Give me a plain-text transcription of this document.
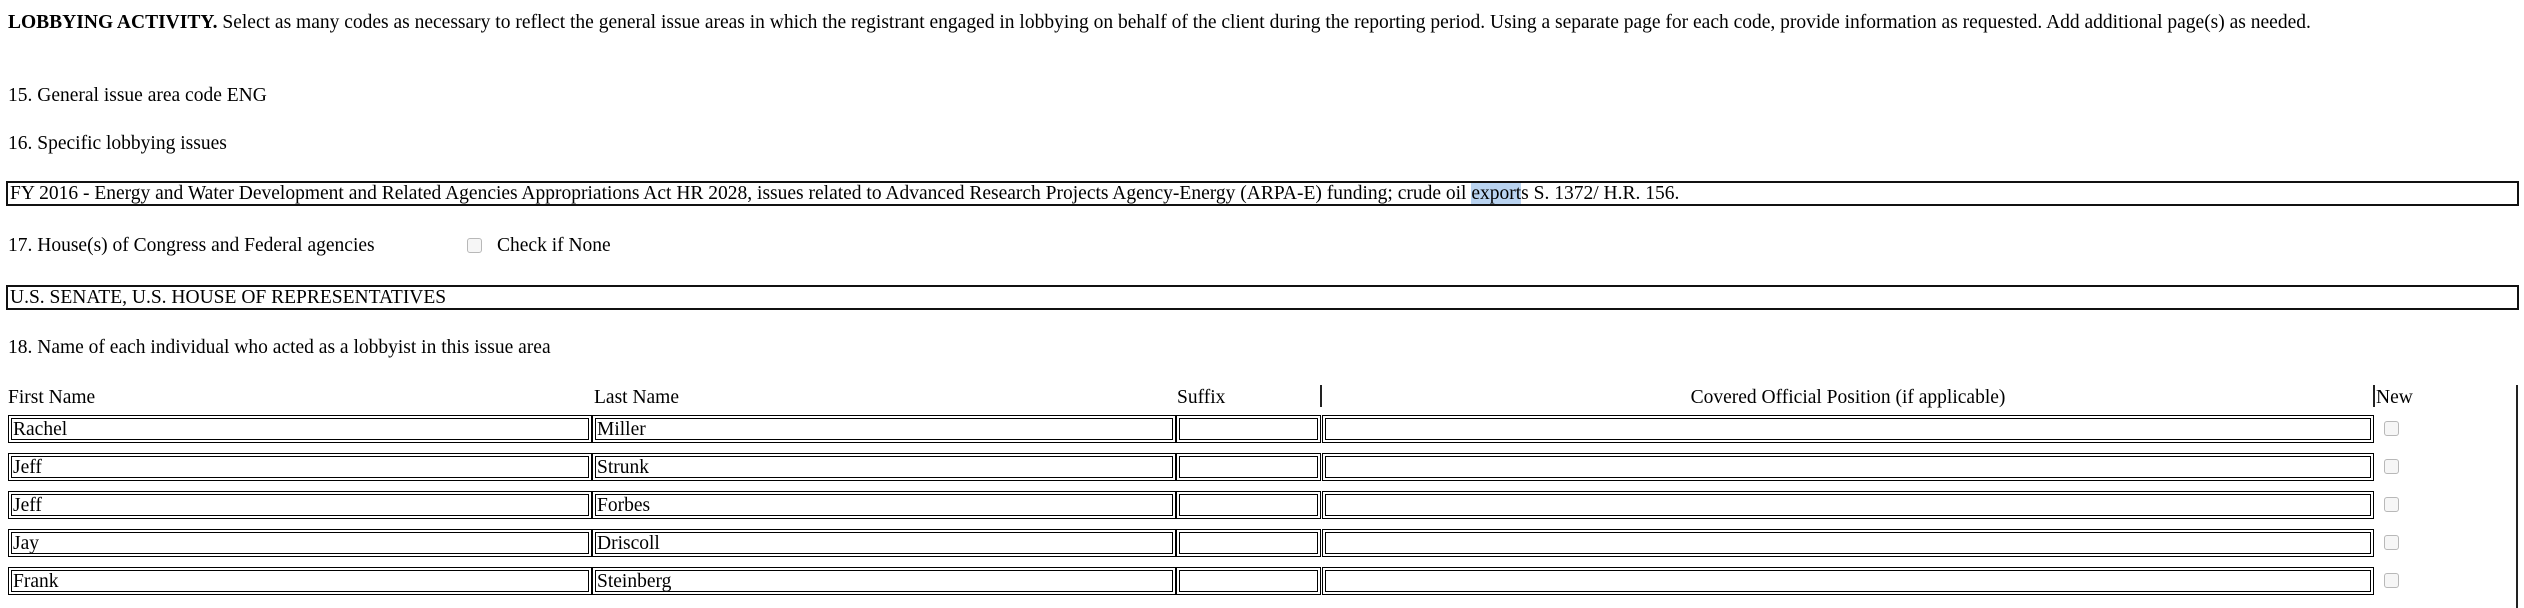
LOBBYING ACTIVITY. Select as many codes as necessary to reflect the general issue areas in which the registrant engaged in lobbying on behalf of the client during the reporting period. Using a separate page for each code, provide information as requested. Add additional page(s) as needed.
15. General issue area code ENG
16. Specific lobbying issues
FY 2016 - Energy and Water Development and Related Agencies Appropriations Act HR 2028, issues related to Advanced Research Projects Agency-Energy (ARPA-E) funding; crude oil exports S. 1372/ H.R. 156.
17. House(s) of Congress and Federal agencies	Check if None
U.S. SENATE, U.S. HOUSE OF REPRESENTATIVES
18. Name of each individual who acted as a lobbyist in this issue area
First Name	Last Name	Suffix	Covered Official Position (if applicable)	New
Rachel	Miller
Jeff	Strunk
Jeff	Forbes
Jay	Driscoll
Frank	Steinberg
